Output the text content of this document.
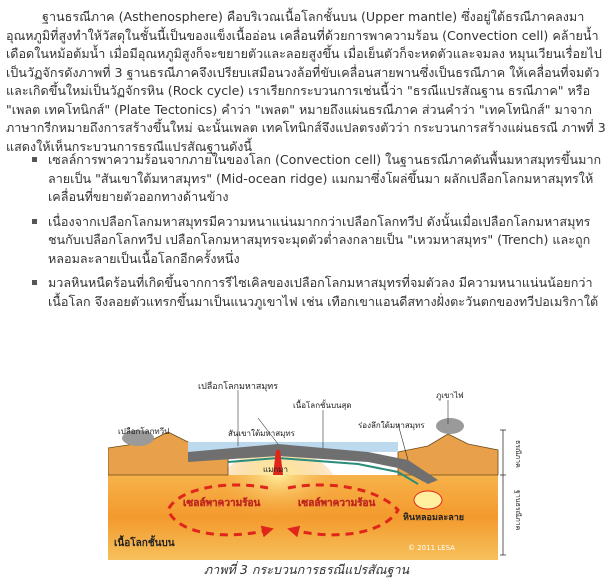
ฐานธรณีภาค (Asthenosphere) คือบริเวณเนื้อโลกชั้นบน (Upper mantle) ซึ่งอยู่ใต้ธรณีภาคลงมา อุณหภูมิที่สูงทำให้วัสดุในชั้นนี้เป็นของแข็งเนื้ออ่อน เคลื่อนที่ด้วยการพาความร้อน (Convection cell) คล้ายน้ำเดือดในหม้อต้มน้ำ เมื่อมีอุณหภูมิสูงก็จะขยายตัวและลอยสูงขึ้น เมื่อเย็นตัวก็จะหดตัวและจมลง หมุนเวียนเรื่อยไปเป็นวัฏจักรดังภาพที่ 3 ฐานธรณีภาคจึงเปรียบเสมือนวงล้อที่ขับเคลื่อนสายพานซึ่งเป็นธรณีภาค ให้เคลื่อนที่จมตัวและเกิดขึ้นใหม่เป็นวัฏจักรหิน (Rock cycle) เราเรียกกระบวนการเช่นนี้ว่า "ธรณีแปรสัณฐาน ธรณีภาค" หรือ "เพลต เทคโทนิกส์" (Plate Tectonics) คำว่า "เพลต" หมายถึงแผ่นธรณีภาค ส่วนคำว่า "เทคโทนิกส์" มาจากภาษากรีกหมายถึงการสร้างขึ้นใหม่ ฉะนั้นเพลต เทคโทนิกส์จึงแปลตรงตัวว่า กระบวนการสร้างแผ่นธรณี ภาพที่ 3 แสดงให้เห็นกระบวนการธรณีแปรสัณฐานดังนี้

เซลล์การพาความร้อนจากภายในของโลก (Convection cell) ในฐานธรณีภาคดันพื้นมหาสมุทรขึ้นมากลายเป็น "สันเขาใต้มหาสมุทร" (Mid-ocean ridge) แมกมาซึ่งโผล่ขึ้นมา ผลักเปลือกโลกมหาสมุทรให้เคลื่อนที่ขยายตัวออกทางด้านข้าง
เนื่องจากเปลือกโลกมหาสมุทรมีความหนาแน่นมากกว่าเปลือกโลกทวีป ดังนั้นเมื่อเปลือกโลกมหาสมุทรชนกับเปลือกโลกทวีป เปลือกโลกมหาสมุทรจะมุดตัวต่ำลงกลายเป็น "เหวมหาสมุทร" (Trench) และถูกหลอมละลายเป็นเนื้อโลกอีกครั้งหนึ่ง
มวลหินหนืดร้อนที่เกิดขึ้นจากการรีไซเคิลของเปลือกโลกมหาสมุทรที่จมตัวลง มีความหนาแน่นน้อยกว่าเนื้อโลก จึงลอยตัวแทรกขึ้นมาเป็นแนวภูเขาไฟ เช่น เทือกเขาแอนดีสทางฝั่งตะวันตกของทวีปอเมริกาใต้
เปลือกโลกมหาสมุทร
เปลือกโลกทวีป	สันเขาใต้มหาสมุทร
เนื้อโลกชั้นบนสุด
ร่องลึกใต้มหาสมุทร
ภูเขาไฟ
แมกมา
เซลล์พาความร้อน	เซลล์พาความร้อน
หินหลอมละลาย
เนื้อโลกชั้นบน	© 2011 LESA
ธรณีภาค
ฐานธรณีภาค
ภาพที่ 3 กระบวนการธรณีแปรสัณฐาน
